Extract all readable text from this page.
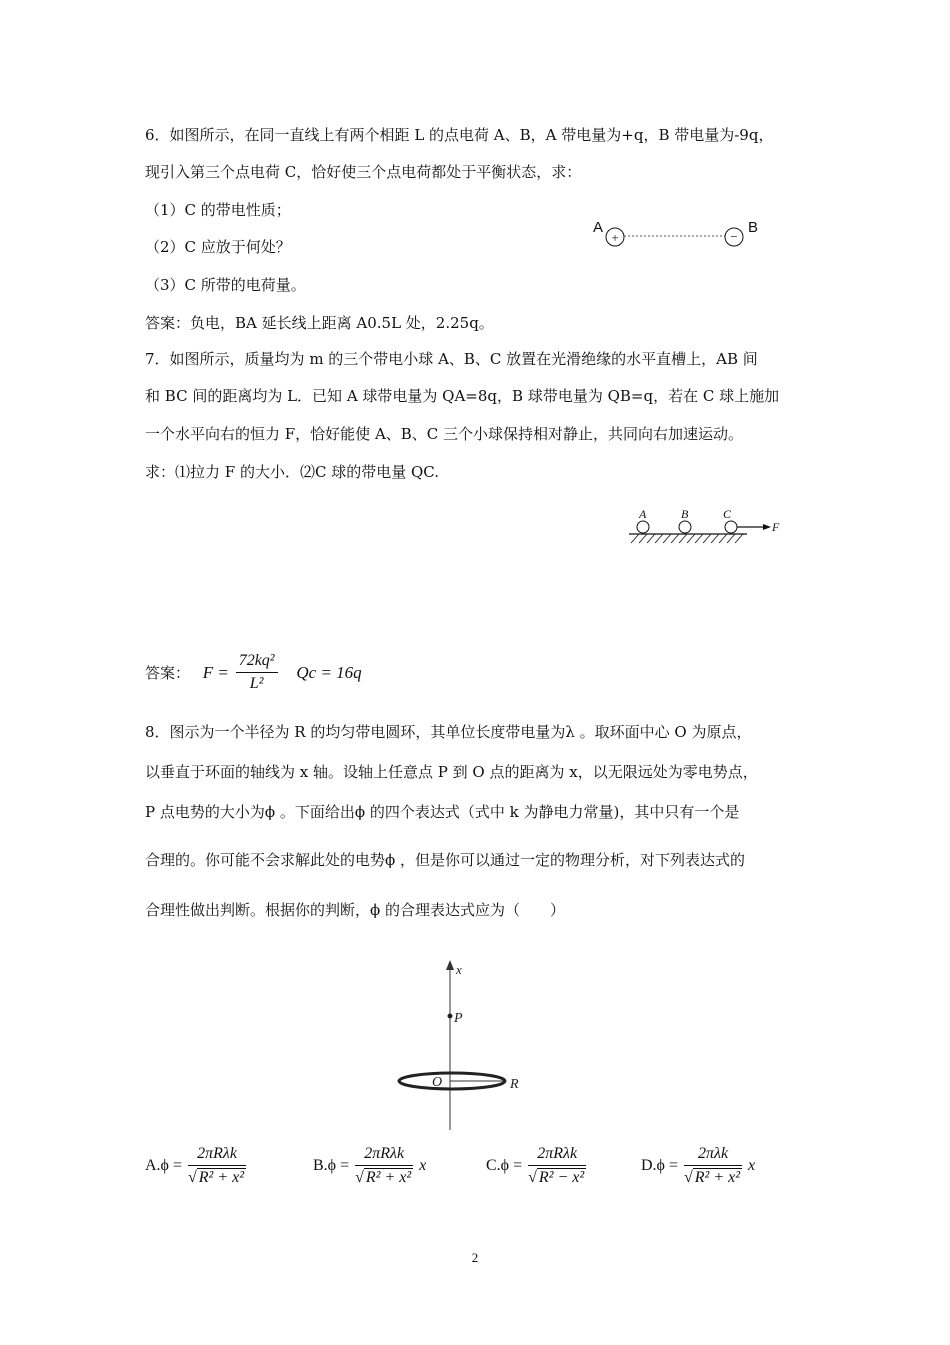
6．如图所示，在同一直线上有两个相距 L 的点电荷 A、B，A 带电量为+q，B 带电量为-9q，
现引入第三个点电荷 C，恰好使三个点电荷都处于平衡状态，求：
（1）C 的带电性质；
（2）C 应放于何处？
（3）C 所带的电荷量。
答案：负电，BA 延长线上距离 A0.5L 处，2.25q。
A
+	−
B
7．如图所示，质量均为 m 的三个带电小球 A、B、C 放置在光滑绝缘的水平直槽上，AB 间
和 BC 间的距离均为 L．已知 A 球带电量为 QA=8q，B 球带电量为 QB=q，若在 C 球上施加
一个水平向右的恒力 F，恰好能使 A、B、C 三个小球保持相对静止，共同向右加速运动。
求：⑴拉力 F 的大小．⑵C 球的带电量 QC.
A	B	C
F
答案： $F = \frac{\text{72kq²}}{\text{L²}}$ Qc = 16q
8．图示为一个半径为 R 的均匀带电圆环，其单位长度带电量为λ 。取环面中心 O 为原点，
以垂直于环面的轴线为 x 轴。设轴上任意点 P 到 O 点的距离为 x，以无限远处为零电势点，
P 点电势的大小为ϕ 。下面给出ϕ 的四个表达式（式中 k 为静电力常量)，其中只有一个是
合理的。你可能不会求解此处的电势ϕ ，但是你可以通过一定的物理分析，对下列表达式的
合理性做出判断。根据你的判断，ϕ 的合理表达式应为（　　）
x
P
O	R
$A.\phi = \frac{\text{2πRλk}}{\text{√ R² + x²}}$	$B.\phi = \frac{\text{2πRλk}}{\text{√ R² + x²}}$ x	$C.\phi = \frac{\text{2πRλk}}{\text{√ R² − x²}}$	$D.\phi = \frac{\text{2πλk}}{\text{√ R² + x²}}$ x
2
